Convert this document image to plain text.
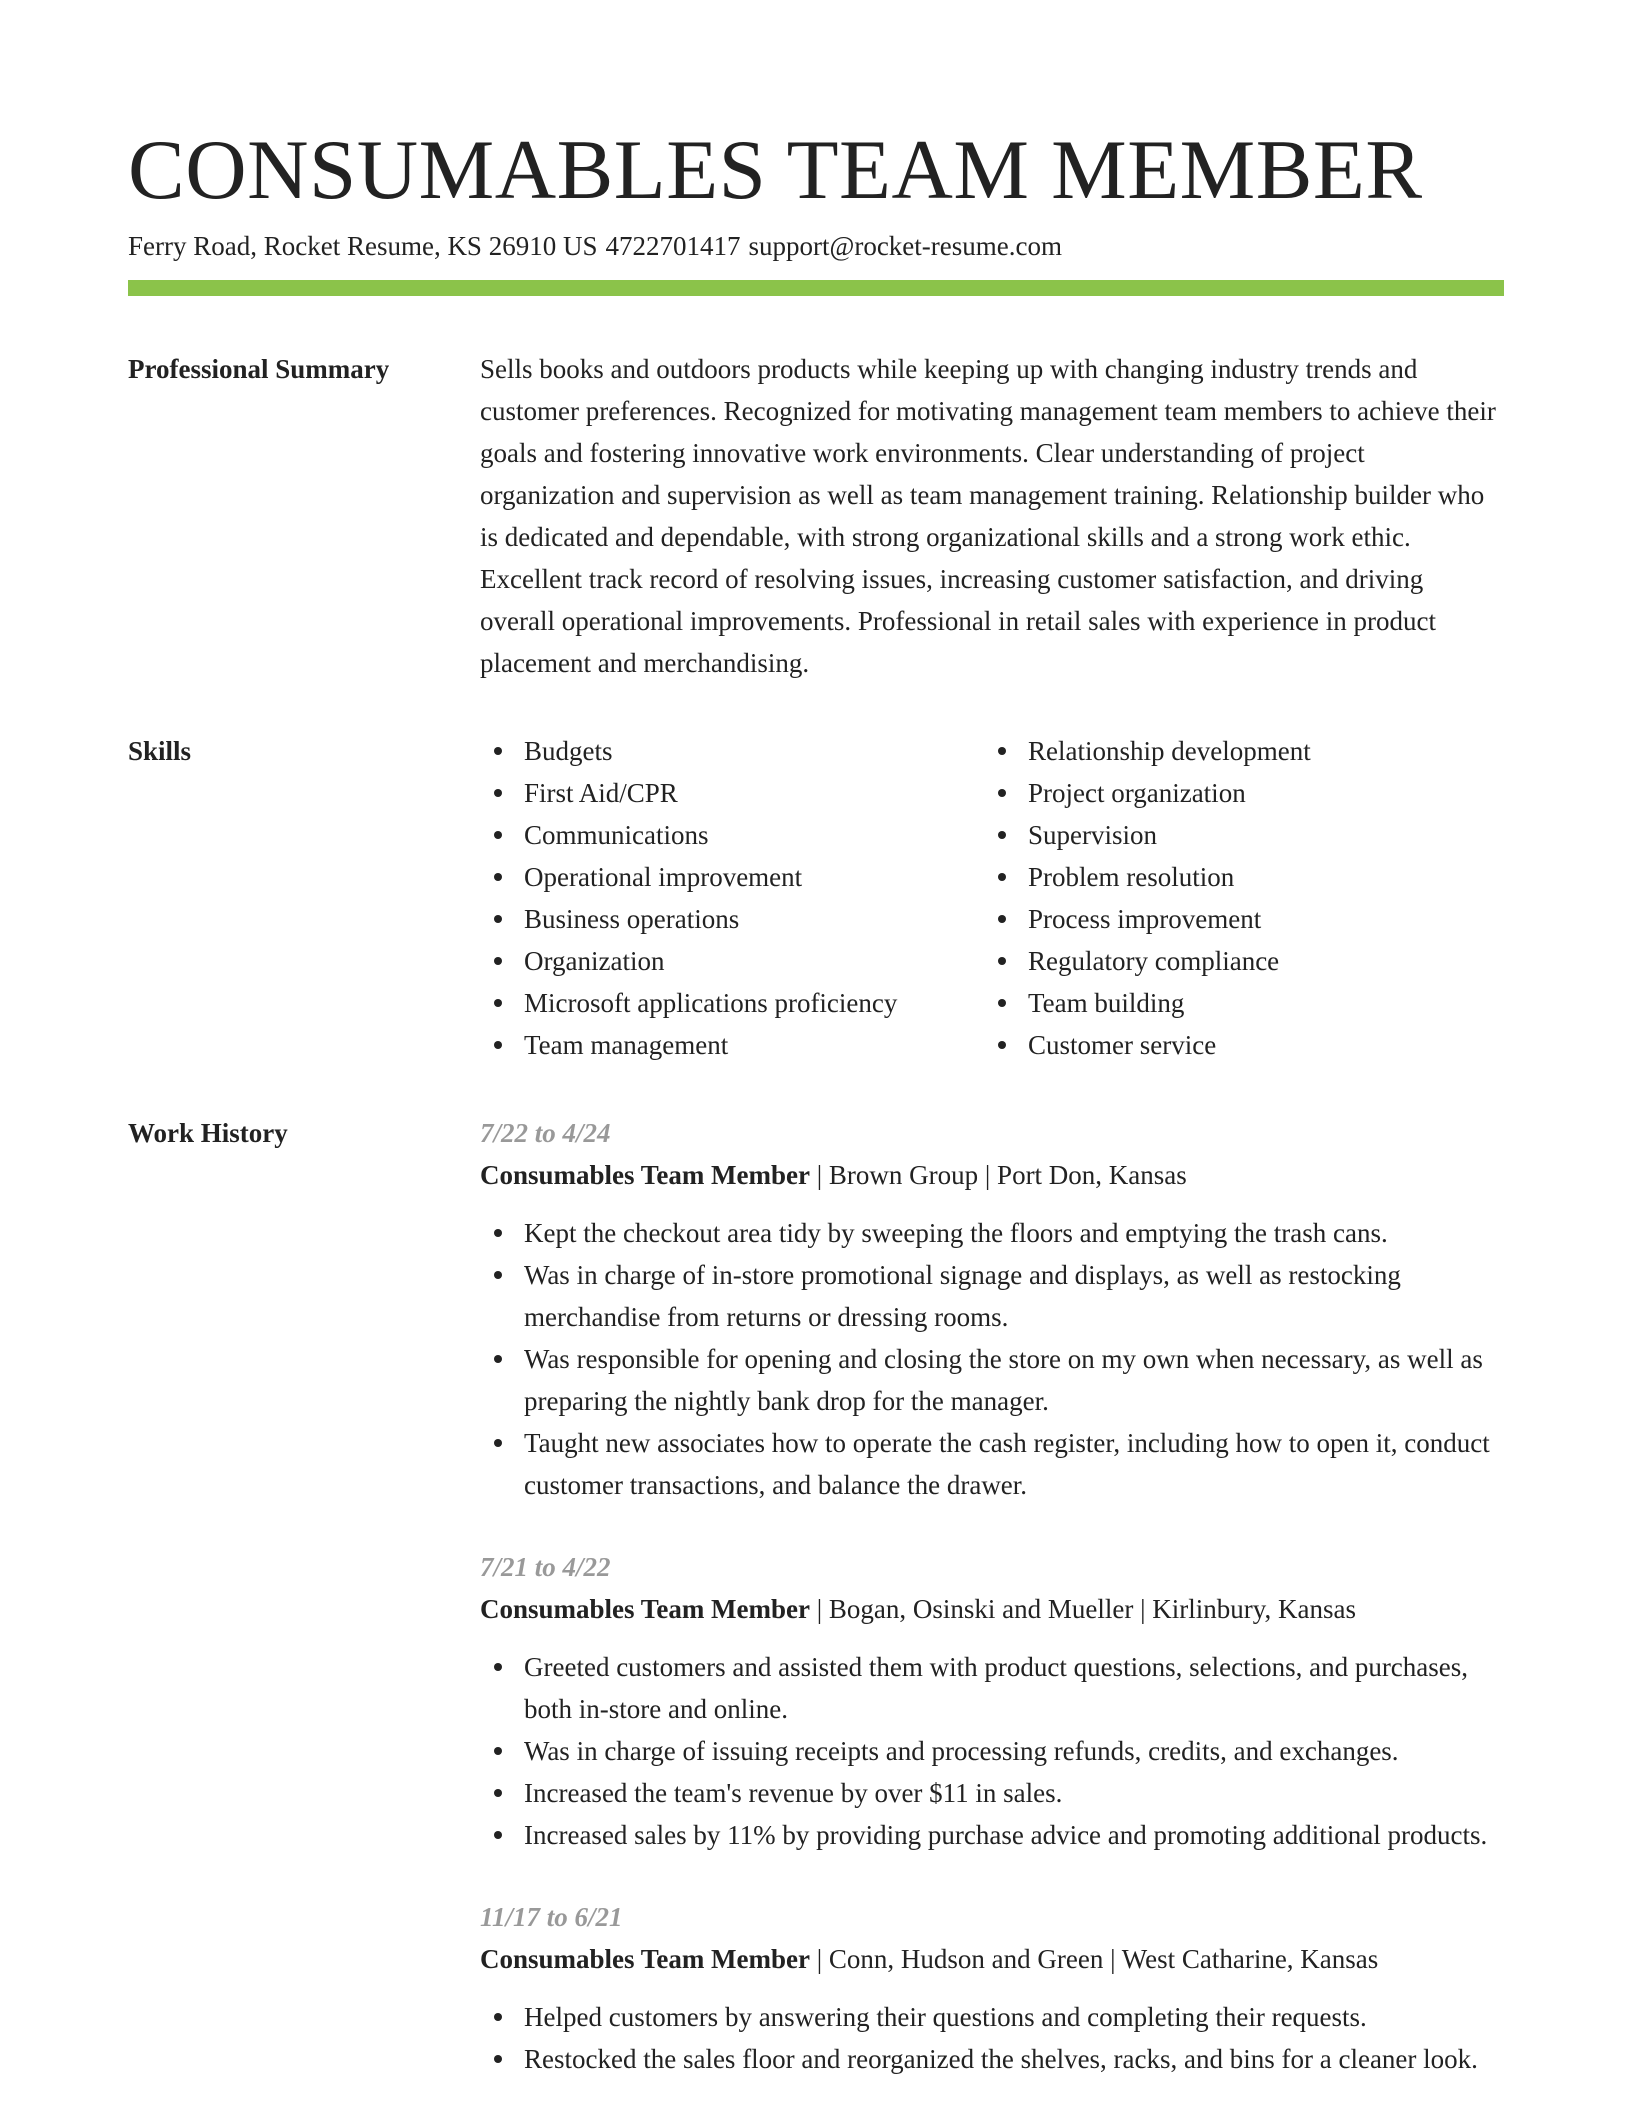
CONSUMABLES TEAM MEMBER
Ferry Road, Rocket Resume, KS 26910 US 4722701417 support@rocket-resume.com
Professional Summary	Sells books and outdoors products while keeping up with changing industry trends and customer preferences. Recognized for motivating management team members to achieve their goals and fostering innovative work environments. Clear understanding of project organization and supervision as well as team management training. Relationship builder who is dedicated and dependable, with strong organizational skills and a strong work ethic. Excellent track record of resolving issues, increasing customer satisfaction, and driving overall operational improvements. Professional in retail sales with experience in product placement and merchandising.

Skills	Budgets
First Aid/CPR
Communications
Operational improvement
Business operations
Organization
Microsoft applications proficiency
Team management
Relationship development
Project organization
Supervision
Problem resolution
Process improvement
Regulatory compliance
Team building
Customer service
Work History	7/22 to 4/24
Consumables Team Member | Brown Group | Port Don, Kansas
Kept the checkout area tidy by sweeping the floors and emptying the trash cans.
Was in charge of in-store promotional signage and displays, as well as restocking merchandise from returns or dressing rooms.
Was responsible for opening and closing the store on my own when necessary, as well as preparing the nightly bank drop for the manager.
Taught new associates how to operate the cash register, including how to open it, conduct customer transactions, and balance the drawer.
7/21 to 4/22
Consumables Team Member | Bogan, Osinski and Mueller | Kirlinbury, Kansas
Greeted customers and assisted them with product questions, selections, and purchases, both in-store and online.
Was in charge of issuing receipts and processing refunds, credits, and exchanges.
Increased the team's revenue by over $11 in sales.
Increased sales by 11% by providing purchase advice and promoting additional products.
11/17 to 6/21
Consumables Team Member | Conn, Hudson and Green | West Catharine, Kansas
Helped customers by answering their questions and completing their requests.
Restocked the sales floor and reorganized the shelves, racks, and bins for a cleaner look.
